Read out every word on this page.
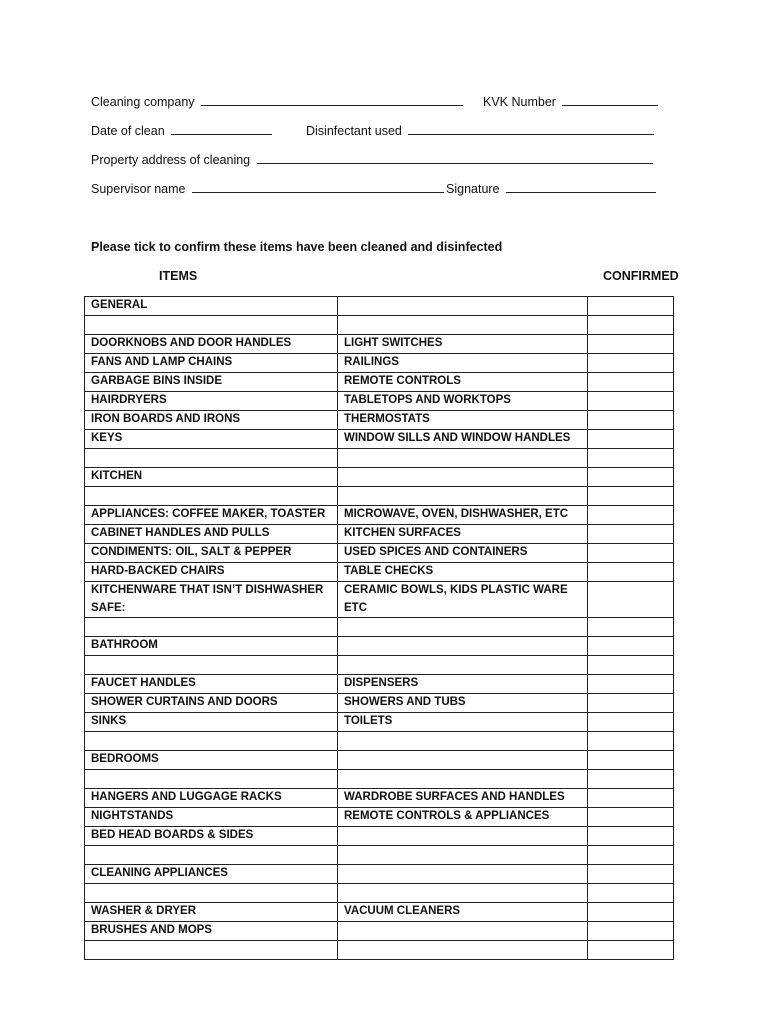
Cleaning company	KVK Number
Date of clean	Disinfectant used
Property address of cleaning
Supervisor name	Signature
Please tick to confirm these items have been cleaned and disinfected
ITEMS	CONFIRMED
GENERAL		

DOORKNOBS AND DOOR HANDLES	LIGHT SWITCHES	
FANS AND LAMP CHAINS	RAILINGS	
GARBAGE BINS INSIDE	REMOTE CONTROLS	
HAIRDRYERS	TABLETOPS AND WORKTOPS	
IRON BOARDS AND IRONS	THERMOSTATS	
KEYS	WINDOW SILLS AND WINDOW HANDLES	

KITCHEN		

APPLIANCES: COFFEE MAKER, TOASTER	MICROWAVE, OVEN, DISHWASHER, ETC	
CABINET HANDLES AND PULLS	KITCHEN SURFACES	
CONDIMENTS: OIL, SALT & PEPPER	USED SPICES AND CONTAINERS	
HARD-BACKED CHAIRS	TABLE CHECKS	
KITCHENWARE THAT ISN’T DISHWASHER SAFE:	CERAMIC BOWLS, KIDS PLASTIC WARE ETC	

BATHROOM		

FAUCET HANDLES	DISPENSERS	
SHOWER CURTAINS AND DOORS	SHOWERS AND TUBS	
SINKS	TOILETS	

BEDROOMS		

HANGERS AND LUGGAGE RACKS	WARDROBE SURFACES AND HANDLES	
NIGHTSTANDS	REMOTE CONTROLS & APPLIANCES	
BED HEAD BOARDS & SIDES		

CLEANING APPLIANCES		

WASHER & DRYER	VACUUM CLEANERS	
BRUSHES AND MOPS		
